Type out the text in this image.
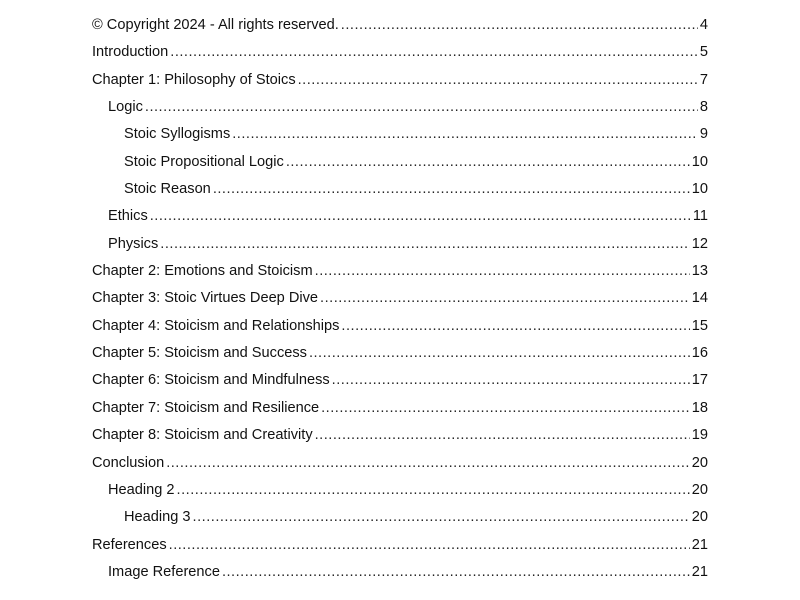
© Copyright 2024 - All rights reserved. .....	4
Introduction .....	5
Chapter 1: Philosophy of Stoics .....	7
Logic .....	8
Stoic Syllogisms .....	9
Stoic Propositional Logic .....	10
Stoic Reason .....	10
Ethics .....	11
Physics .....	12
Chapter 2: Emotions and Stoicism .....	13
Chapter 3: Stoic Virtues Deep Dive .....	14
Chapter 4: Stoicism and Relationships .....	15
Chapter 5: Stoicism and Success .....	16
Chapter 6: Stoicism and Mindfulness .....	17
Chapter 7: Stoicism and Resilience .....	18
Chapter 8: Stoicism and Creativity .....	19
Conclusion .....	20
Heading 2 .....	20
Heading 3 .....	20
References .....	21
Image Reference .....	21
